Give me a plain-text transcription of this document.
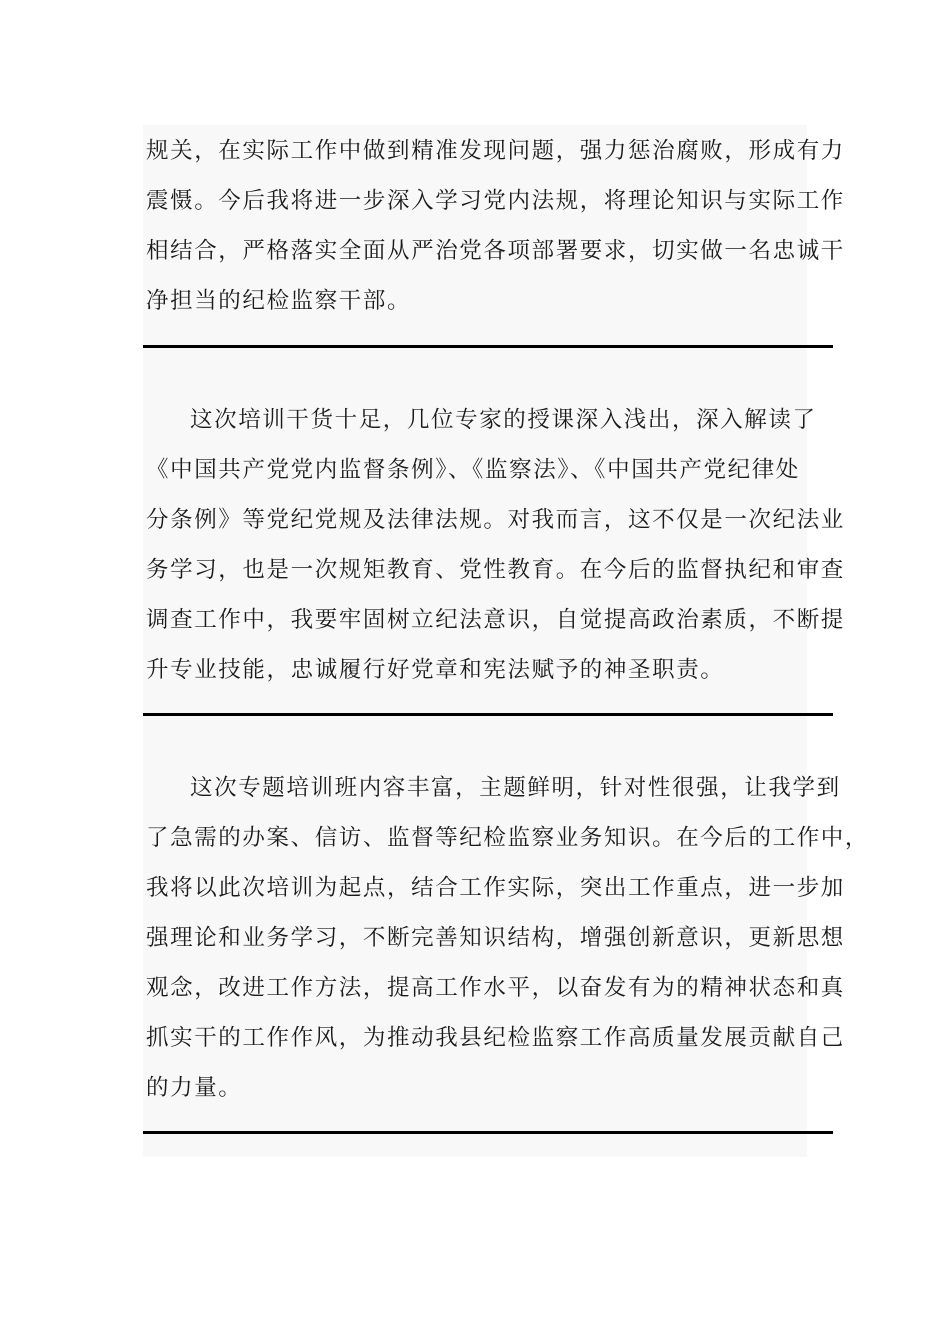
规关，在实际工作中做到精准发现问题，强力惩治腐败，形成有力
震慑。今后我将进一步深入学习党内法规，将理论知识与实际工作
相结合，严格落实全面从严治党各项部署要求，切实做一名忠诚干
净担当的纪检监察干部。
这次培训干货十足，几位专家的授课深入浅出，深入解读了
《中国共产党党内监督条例》、《监察法》、《中国共产党纪律处
分条例》等党纪党规及法律法规。对我而言，这不仅是一次纪法业
务学习，也是一次规矩教育、党性教育。在今后的监督执纪和审查
调查工作中，我要牢固树立纪法意识，自觉提高政治素质，不断提
升专业技能，忠诚履行好党章和宪法赋予的神圣职责。
这次专题培训班内容丰富，主题鲜明，针对性很强，让我学到
了急需的办案、信访、监督等纪检监察业务知识。在今后的工作中，
我将以此次培训为起点，结合工作实际，突出工作重点，进一步加
强理论和业务学习，不断完善知识结构，增强创新意识，更新思想
观念，改进工作方法，提高工作水平，以奋发有为的精神状态和真
抓实干的工作作风，为推动我县纪检监察工作高质量发展贡献自己
的力量。
